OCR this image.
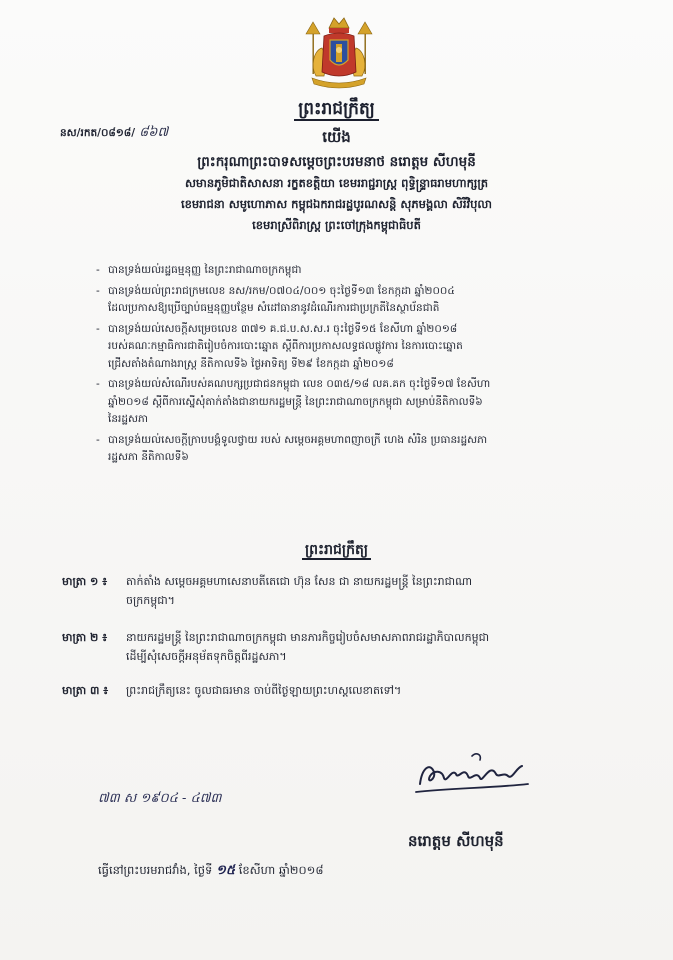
ព្រះរាជក្រឹត្យ
នស/រកត/០៨១៨/ ៨៦៧	យើង
ព្រះករុណាព្រះបាទសម្តេចព្រះបរមនាថ នរោត្តម សីហមុនី
សមានភូមិជាតិសាសនា រក្ខតខត្តិយា ខេមររាជ្ជរាស្ត្រ ពុទ្ធិន្ទ្រាធរាមហាក្សត្រ
ខេមរាជនា សមូហោភាស កម្ពុជឯករាជរដ្ឋបូរណសន្តិ សុភមង្គលា សិរីវិបុលា
ខេមរាស្រីពិរាស្ត្រ ព្រះចៅក្រុងកម្ពុជាធិបតី
- បានទ្រង់យល់រដ្ឋធម្មនុញ្ញ នៃព្រះរាជាណាចក្រកម្ពុជា
- បានទ្រង់យល់ព្រះរាជក្រមលេខ នស/រកម/០៧០៤/០០១ ចុះថ្ងៃទី១៣ ខែកក្កដា ឆ្នាំ២០០៤
ដែលប្រកាសឱ្យប្រើច្បាប់ធម្មនុញ្ញបន្ថែម សំដៅធានានូវដំណើរការជាប្រក្រតីនៃស្ថាប័នជាតិ
- បានទ្រង់យល់សេចក្តីសម្រេចលេខ ៣៧១ គ.ជ.ប.ស.ស.រ ចុះថ្ងៃទី១៥ ខែសីហា ឆ្នាំ២០១៨
របស់គណៈកម្មាធិការជាតិរៀបចំការបោះឆ្នោត ស្តីពីការប្រកាសលទ្ធផលផ្លូវការ នៃការបោះឆ្នោត
ជ្រើសតាំងតំណាងរាស្ត្រ នីតិកាលទី៦ ថ្ងៃអាទិត្យ ទី២៩ ខែកក្កដា ឆ្នាំ២០១៨
- បានទ្រង់យល់សំណើរបស់គណបក្សប្រជាជនកម្ពុជា លេខ ០៣៥/១៨ លគ.គក ចុះថ្ងៃទី១៧ ខែសីហា
ឆ្នាំ២០១៨ ស្តីពីការស្នើសុំតាក់តាំងជានាយករដ្ឋមន្ត្រី នៃព្រះរាជាណាចក្រកម្ពុជា សម្រាប់នីតិកាលទី៦
នៃរដ្ឋសភា
- បានទ្រង់យល់សេចក្តីក្រាបបង្គំទូលថ្វាយ របស់ សម្តេចអគ្គមហាពញាចក្រី ហេង សំរិន ប្រធានរដ្ឋសភា
រដ្ឋសភា នីតិកាលទី៦
ព្រះរាជក្រឹត្យ
មាត្រា ១ ៖ តាក់តាំង សម្តេចអគ្គមហាសេនាបតីតេជោ ហ៊ុន សែន ជា នាយករដ្ឋមន្ត្រី នៃព្រះរាជាណា
ចក្រកម្ពុជា។
មាត្រា ២ ៖ នាយករដ្ឋមន្ត្រី នៃព្រះរាជាណាចក្រកម្ពុជា មានភារកិច្ចរៀបចំសមាសភាពរាជរដ្ឋាភិបាលកម្ពុជា
ដើម្បីសុំសេចក្តីអនុម័តទុកចិត្តពីរដ្ឋសភា។
មាត្រា ៣ ៖ ព្រះរាជក្រឹត្យនេះ ចូលជាធរមាន ចាប់ពីថ្ងៃឡាយព្រះហស្តលេខាតទៅ។
៧៣ ស ១៩០៤ - ៤៧៣
នរោត្តម សីហមុនី
ធ្វើនៅព្រះបរមរាជវាំង, ថ្ងៃទី ១៥ ខែសីហា ឆ្នាំ២០១៨
